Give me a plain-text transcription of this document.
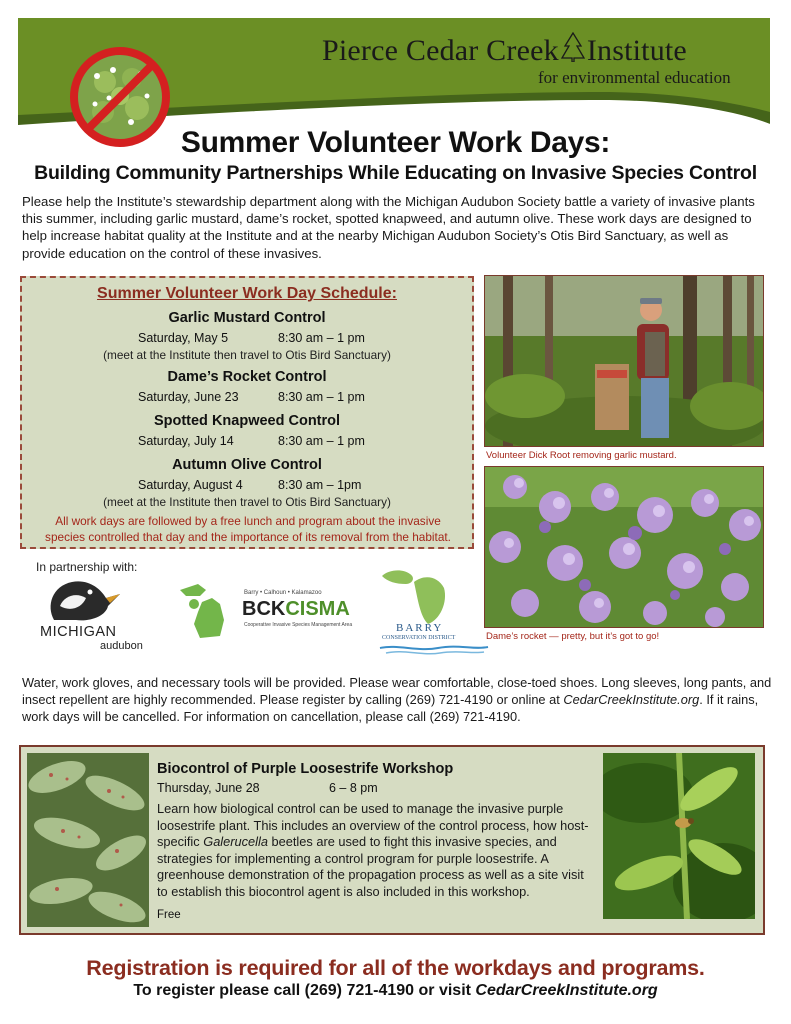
Pierce Cedar Creek Institute
for environmental education
Summer Volunteer Work Days:
Building Community Partnerships While Educating on Invasive Species Control
Please help the Institute’s stewardship department along with the Michigan Audubon Society battle a variety of invasive plants this summer, including garlic mustard, dame’s rocket, spotted knapweed, and autumn olive. These work days are designed to help increase habitat quality at the Institute and at the nearby Michigan Audubon Society’s Otis Bird Sanctuary, as well as provide education on the control of these invasives.
Summer Volunteer Work Day Schedule:
Garlic Mustard Control
Saturday, May 5	8:30 am – 1 pm
(meet at the Institute then travel to Otis Bird Sanctuary)
Dame’s Rocket Control
Saturday, June 23	8:30 am – 1 pm
Spotted Knapweed Control
Saturday, July 14	8:30 am – 1 pm
Autumn Olive Control
Saturday, August 4	8:30 am – 1pm
(meet at the Institute then travel to Otis Bird Sanctuary)
All work days are followed by a free lunch and program about the invasive species controlled that day and the importance of its removal from the habitat.
Volunteer Dick Root removing garlic mustard.
Dame’s rocket — pretty, but it’s got to go!
In partnership with:
MICHIGAN
audubon
Barry • Calhoun • Kalamazoo
BCKCISMA
Cooperative Invasive Species Management Area	BARRY
CONSERVATION DISTRICT
Water, work gloves, and necessary tools will be provided. Please wear comfortable, close-toed shoes. Long sleeves, long pants, and insect repellent are highly recommended. Please register by calling (269) 721-4190 or online at CedarCreekInstitute.org. If it rains, work days will be cancelled. For information on cancellation, please call (269) 721-4190.
Biocontrol of Purple Loosestrife Workshop
Thursday, June 28	6 – 8 pm
Learn how biological control can be used to manage the invasive purple loosestrife plant. This includes an overview of the control process, how host-specific Galerucella beetles are used to fight this invasive species, and strategies for implementing a control program for purple loosestrife. A greenhouse demonstration of the propagation process as well as a site visit to establish this biocontrol agent is also included in this workshop.
Free
Registration is required for all of the workdays and programs.
To register please call (269) 721-4190 or visit CedarCreekInstitute.org
